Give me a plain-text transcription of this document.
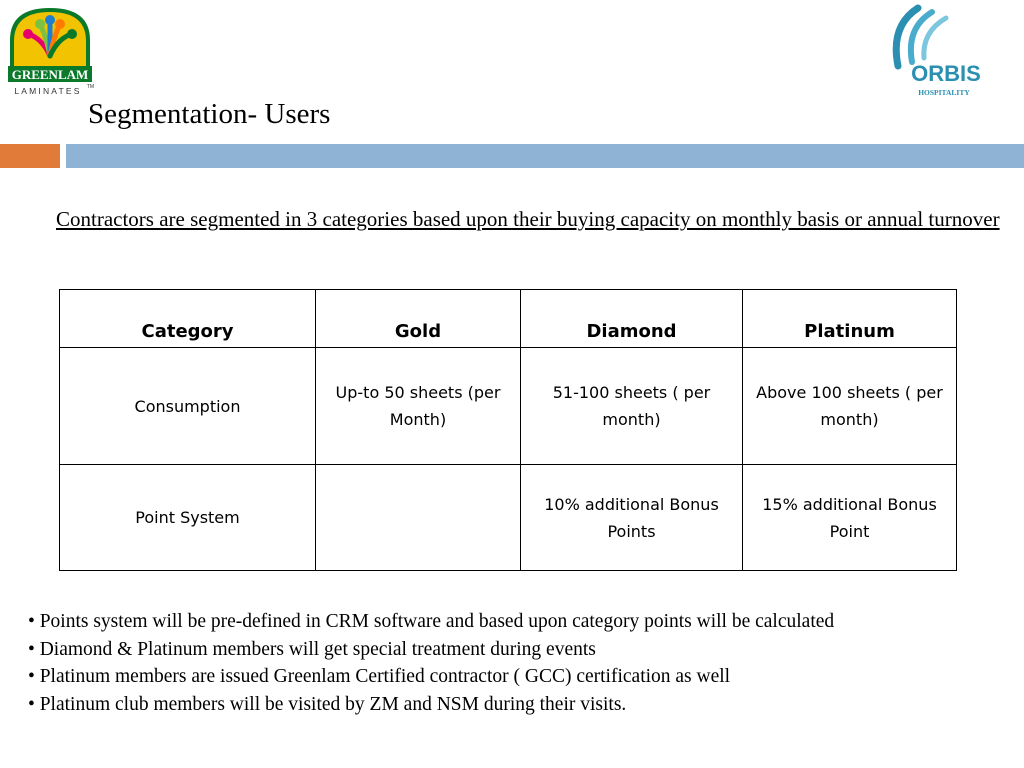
GREENLAM
LAMINATES TM
ORBIS
HOSPITALITY
Segmentation- Users
Contractors are segmented in 3 categories based upon their buying capacity on monthly basis or annual turnover
Category	Gold	Diamond	Platinum
Consumption	Up-to 50 sheets (per Month)	51-100 sheets ( per month)	Above 100 sheets ( per month)
Point System		10% additional Bonus Points	15% additional Bonus Point
• Points system will be pre-defined in CRM software and based upon category points will be calculated
• Diamond & Platinum members will get special treatment during events
• Platinum members are issued Greenlam Certified contractor ( GCC) certification as well
• Platinum club members will be visited by ZM and NSM during their visits.
